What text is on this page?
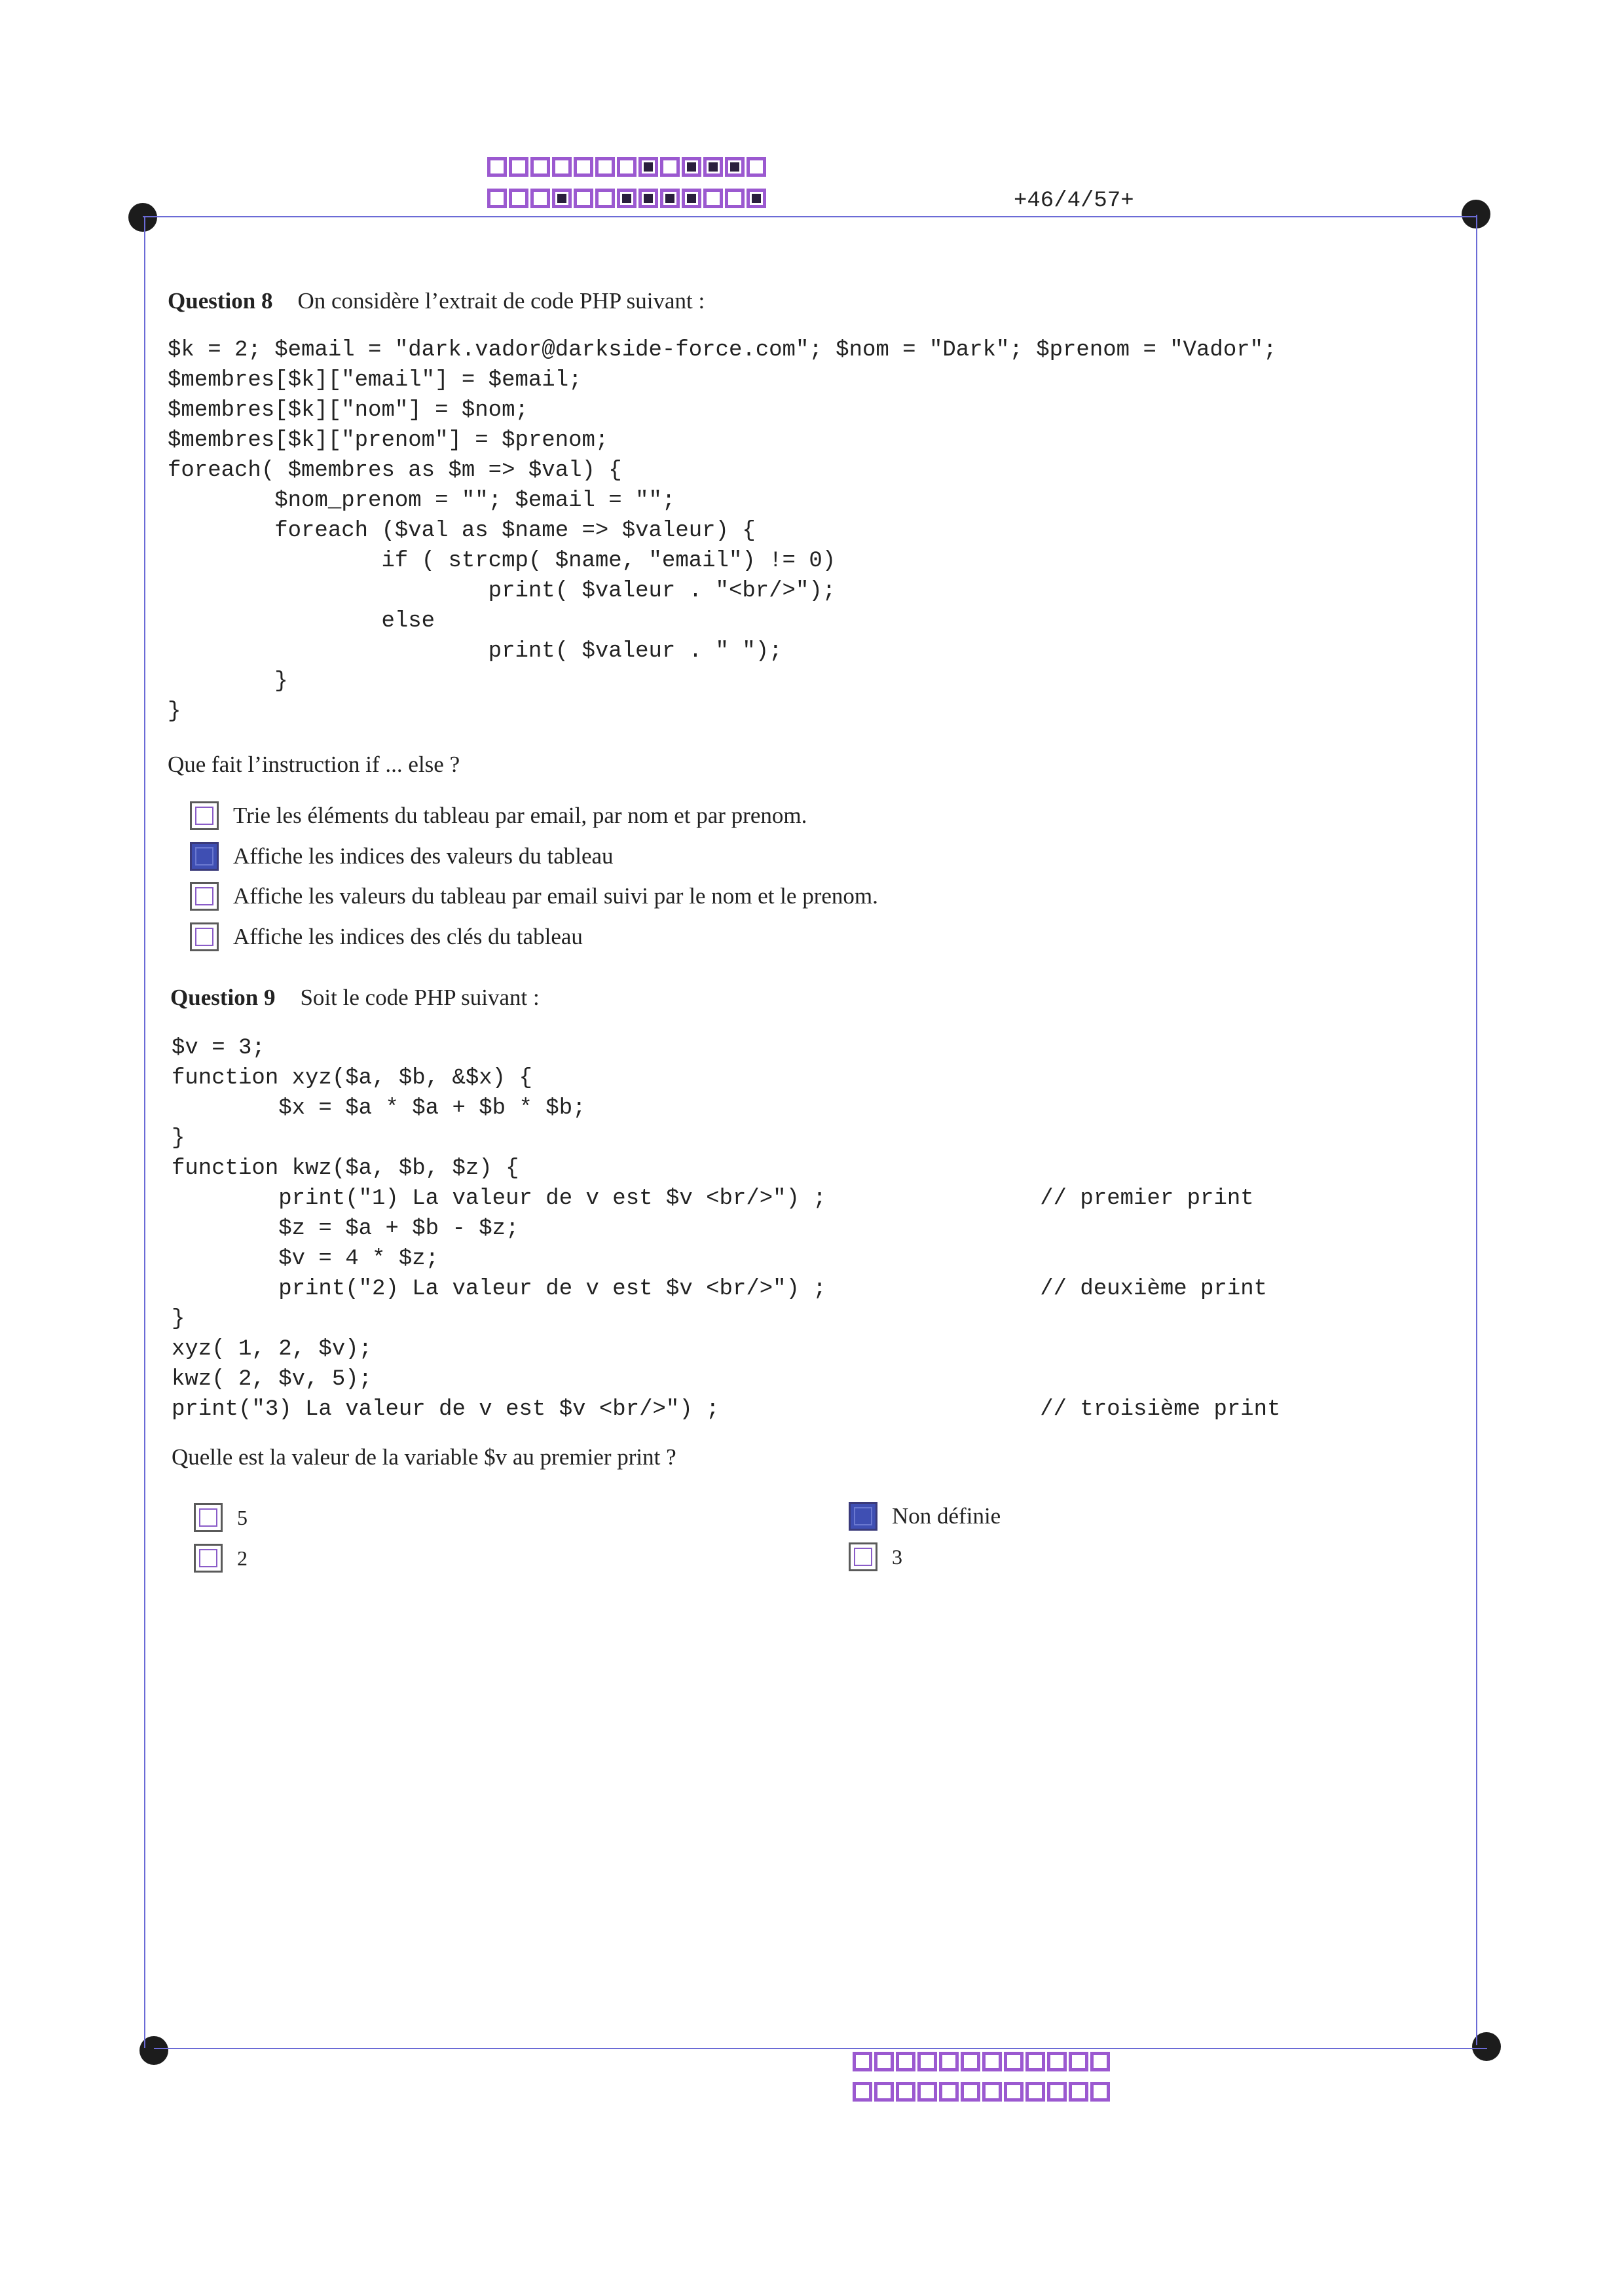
+46/4/57+
Question 8 On considère l’extrait de code PHP suivant :
$k = 2; $email = "dark.vador@darkside-force.com"; $nom = "Dark"; $prenom = "Vador";
$membres[$k]["email"] = $email;
$membres[$k]["nom"] = $nom;
$membres[$k]["prenom"] = $prenom;
foreach( $membres as $m => $val) {
$nom_prenom = ""; $email = "";
foreach ($val as $name => $valeur) {
if ( strcmp( $name, "email") != 0)
print( $valeur . "<br/>");
else
print( $valeur . " ");
}
}
Que fait l’instruction if ... else ?
Trie les éléments du tableau par email, par nom et par prenom.
Affiche les indices des valeurs du tableau
Affiche les valeurs du tableau par email suivi par le nom et le prenom.
Affiche les indices des clés du tableau
Question 9 Soit le code PHP suivant :
$v = 3;
function xyz($a, $b, &$x) {
$x = $a * $a + $b * $b;
}
function kwz($a, $b, $z) {
print("1) La valeur de v est $v <br/>") ;                // premier print
$z = $a + $b - $z;
$v = 4 * $z;
print("2) La valeur de v est $v <br/>") ;                // deuxième print
}
xyz( 1, 2, $v);
kwz( 2, $v, 5);
print("3) La valeur de v est $v <br/>") ;                        // troisième print
Quelle est la valeur de la variable $v au premier print ?
5
2
Non définie
3
